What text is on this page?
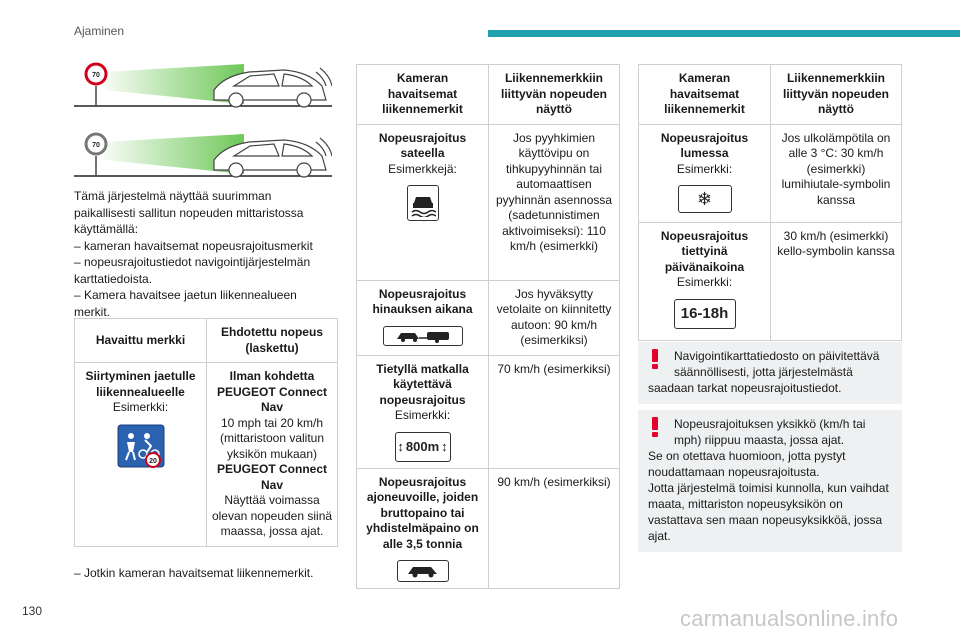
Ajaminen
70
70

Tämä järjestelmä näyttää suurimman paikallisesti sallitun nopeuden mittaristossa käyttämällä:

– kameran havaitsemat nopeusrajoitusmerkit

– nopeusrajoitustiedot navigointijärjestelmän karttatiedoista.

– Kamera havaitsee jaetun liikennealueen merkit.

Havaittu merkki	Ehdotettu nopeus (laskettu)

Siirtyminen jaetulle liikennealueelle
Esimerkki:
20	Ilman kohdetta PEUGEOT Connect Nav
10 mph tai 20 km/h (mittaristoon valitun yksikön mukaan)
PEUGEOT Connect Nav
Näyttää voimassa olevan nopeuden siinä maassa, jossa ajat.
– Jotkin kameran havaitsemat liikennemerkit.
Kameran havaitsemat liikennemerkit	Liikennemerkkiin liittyvän nopeuden näyttö

Nopeusrajoitus sateella
Esimerkkejä:	Jos pyyhkimien käyttövipu on tihkupyyhinnän tai automaattisen pyyhinnän asennossa (sadetunnistimen aktivoimiseksi): 110 km/h (esimerkki)

Nopeusrajoitus hinauksen aikana	Jos hyväksytty vetolaite on kiinnitetty autoon: 90 km/h (esimerkiksi)

Tietyllä matkalla käytettävä nopeusrajoitus
Esimerkki:
↕ 800m ↕	70 km/h (esimerkiksi)

Nopeusrajoitus ajoneuvoille, joiden bruttopaino tai yhdistelmäpaino on alle 3,5 tonnia	90 km/h (esimerkiksi)
Kameran havaitsemat liikennemerkit	Liikennemerkkiin liittyvän nopeuden näyttö

Nopeusrajoitus lumessa
Esimerkki:
❄	Jos ulkolämpötila on alle 3 °C: 30 km/h (esimerkki) lumihiutale-symbolin kanssa

Nopeusrajoitus tiettyinä päivänaikoina
Esimerkki:
16-18h	30 km/h (esimerkki) kello-symbolin kanssa
Navigointikarttatiedosto on päivitettävä säännöllisesti, jotta järjestelmästä
saadaan tarkat nopeusrajoitustiedot.
Nopeusrajoituksen yksikkö (km/h tai mph) riippuu maasta, jossa ajat.
Se on otettava huomioon, jotta pystyt noudattamaan nopeusrajoitusta.
Jotta järjestelmä toimisi kunnolla, kun vaihdat maata, mittariston nopeusyksikön on vastattava sen maan nopeusyksikköä, jossa ajat.
130	carmanualsonline.info
